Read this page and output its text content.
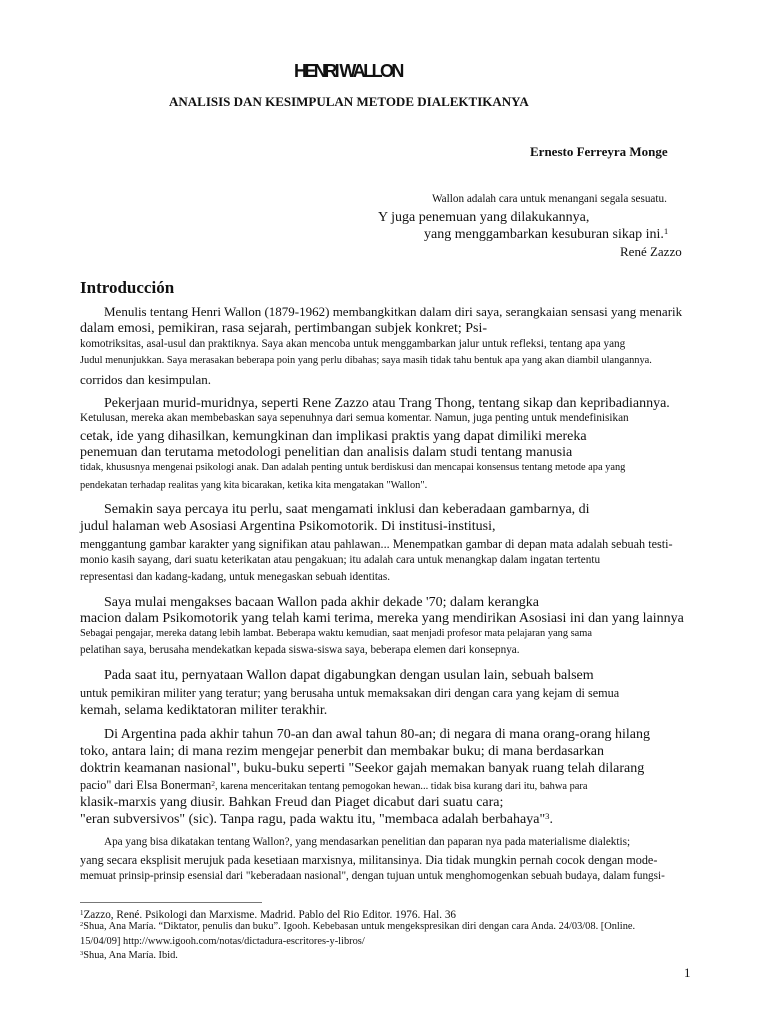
HENRI WALLON
ANALISIS DAN KESIMPULAN METODE DIALEKTIKANYA
Ernesto Ferreyra Monge
Wallon adalah cara untuk menangani segala sesuatu.
Y juga penemuan yang dilakukannya,
yang menggambarkan kesuburan sikap ini.$^1$
René Zazzo
Introducción
Menulis tentang Henri Wallon (1879-1962) membangkitkan dalam diri saya, serangkaian sensasi yang menarik
dalam emosi, pemikiran, rasa sejarah, pertimbangan subjek konkret; Psi-
komotriksitas, asal-usul dan praktiknya. Saya akan mencoba untuk menggambarkan jalur untuk refleksi, tentang apa yang
Judul menunjukkan. Saya merasakan beberapa poin yang perlu dibahas; saya masih tidak tahu bentuk apa yang akan diambil ulangannya.
corridos dan kesimpulan.
Pekerjaan murid-muridnya, seperti Rene Zazzo atau Trang Thong, tentang sikap dan kepribadiannya.
Ketulusan, mereka akan membebaskan saya sepenuhnya dari semua komentar. Namun, juga penting untuk mendefinisikan
cetak, ide yang dihasilkan, kemungkinan dan implikasi praktis yang dapat dimiliki mereka
penemuan dan terutama metodologi penelitian dan analisis dalam studi tentang manusia
tidak, khususnya mengenai psikologi anak. Dan adalah penting untuk berdiskusi dan mencapai konsensus tentang metode apa yang
pendekatan terhadap realitas yang kita bicarakan, ketika kita mengatakan "Wallon".
Semakin saya percaya itu perlu, saat mengamati inklusi dan keberadaan gambarnya, di
judul halaman web Asosiasi Argentina Psikomotorik. Di institusi-institusi,
menggantung gambar karakter yang signifikan atau pahlawan... Menempatkan gambar di depan mata adalah sebuah testi-
monio kasih sayang, dari suatu keterikatan atau pengakuan; itu adalah cara untuk menangkap dalam ingatan tertentu
representasi dan kadang-kadang, untuk menegaskan sebuah identitas.
Saya mulai mengakses bacaan Wallon pada akhir dekade '70; dalam kerangka
macion dalam Psikomotorik yang telah kami terima, mereka yang mendirikan Asosiasi ini dan yang lainnya
Sebagai pengajar, mereka datang lebih lambat. Beberapa waktu kemudian, saat menjadi profesor mata pelajaran yang sama
pelatihan saya, berusaha mendekatkan kepada siswa-siswa saya, beberapa elemen dari konsepnya.
Pada saat itu, pernyataan Wallon dapat digabungkan dengan usulan lain, sebuah balsem
untuk pemikiran militer yang teratur; yang berusaha untuk memaksakan diri dengan cara yang kejam di semua
kemah, selama kediktatoran militer terakhir.
Di Argentina pada akhir tahun 70-an dan awal tahun 80-an; di negara di mana orang-orang hilang
toko, antara lain; di mana rezim mengejar penerbit dan membakar buku; di mana berdasarkan
doktrin keamanan nasional", buku-buku seperti "Seekor gajah memakan banyak ruang telah dilarang
pacio" dari Elsa Bonerman$^2$, karena menceritakan tentang pemogokan hewan... tidak bisa kurang dari itu, bahwa para
klasik-marxis yang diusir. Bahkan Freud dan Piaget dicabut dari suatu cara;
"eran subversivos" (sic). Tanpa ragu, pada waktu itu, "membaca adalah berbahaya"$^3$.
Apa yang bisa dikatakan tentang Wallon?, yang mendasarkan penelitian dan paparan nya pada materialisme dialektis;
yang secara eksplisit merujuk pada kesetiaan marxisnya, militansinya. Dia tidak mungkin pernah cocok dengan mode-
memuat prinsip-prinsip esensial dari "keberadaan nasional", dengan tujuan untuk menghomogenkan sebuah budaya, dalam fungsi-
$^1$Zazzo, René. Psikologi dan Marxisme. Madrid. Pablo del Rio Editor. 1976. Hal. 36
$^2$Shua, Ana María. “Diktator, penulis dan buku”. Igooh. Kebebasan untuk mengekspresikan diri dengan cara Anda. 24/03/08. [Online.
15/04/09] http://www.igooh.com/notas/dictadura-escritores-y-libros/
$^3$Shua, Ana María. Ibid.
1
